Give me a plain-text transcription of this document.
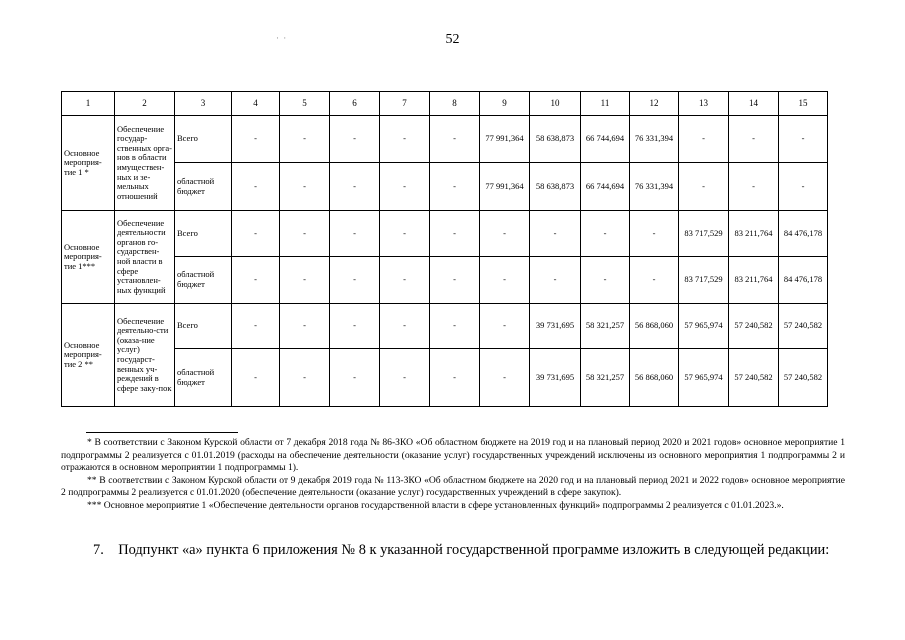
52
· ·
1	2	3	4	5	6	7	8	9	10	11	12	13	14	15
Основное мероприя-тие 1 *	Обеспечение государ-ственных орга-нов в области имуществен-ных и зе-мельных отношений	Всего	-	-	-	-	-	77 991,364	58 638,873	66 744,694	76 331,394	-	-	-
		областной бюджет	-	-	-	-	-	77 991,364	58 638,873	66 744,694	76 331,394	-	-	-
Основное мероприя-тие 1***	Обеспечение деятельности органов го-сударствен-ной власти в сфере установлен-ных функций	Всего	-	-	-	-	-	-	-	-	-	83 717,529	83 211,764	84 476,178
		областной бюджет	-	-	-	-	-	-	-	-	-	83 717,529	83 211,764	84 476,178
Основное мероприя-тие 2 **	Обеспечение деятельно-сти (оказа-ние услуг) государст-венных уч-реждений в сфере заку-пок	Всего	-	-	-	-	-	-	39 731,695	58 321,257	56 868,060	57 965,974	57 240,582	57 240,582
		областной бюджет	-	-	-	-	-	-	39 731,695	58 321,257	56 868,060	57 965,974	57 240,582	57 240,582

* В соответствии с Законом Курской области от 7 декабря 2018 года № 86-ЗКО «Об областном бюджете на 2019 год и на плановый период 2020 и 2021 годов» основное мероприятие 1 подпрограммы 2 реализуется с 01.01.2019 (расходы на обеспечение деятельности (оказание услуг) государственных учреждений исключены из основного мероприятия 1 подпрограммы 2 и отражаются в основном мероприятии 1 подпрограммы 1).

** В соответствии с Законом Курской области от 9 декабря 2019 года № 113-ЗКО «Об областном бюджете на 2020 год и на плановый период 2021 и 2022 годов» основное мероприятие 2 подпрограммы 2 реализуется с 01.01.2020 (обеспечение деятельности (оказание услуг) государственных учреждений в сфере закупок).

*** Основное мероприятие 1 «Обеспечение деятельности органов государственной власти в сфере установленных функций» подпрограммы 2 реализуется с 01.01.2023.».

7. Подпункт «а» пункта 6 приложения № 8 к указанной государственной программе изложить в следующей редакции:
